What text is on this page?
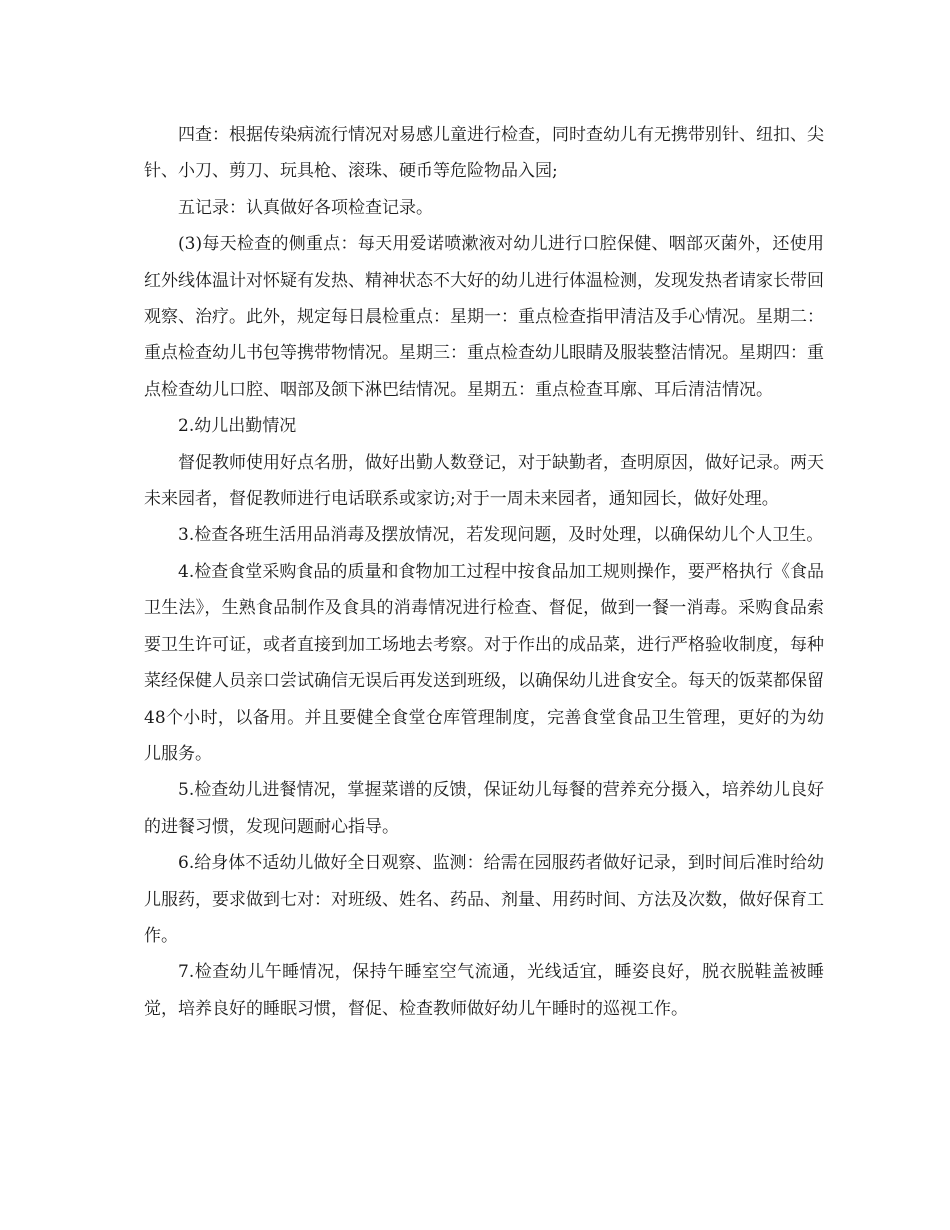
四查：根据传染病流行情况对易感儿童进行检查，同时查幼儿有无携带别针、纽扣、尖针、小刀、剪刀、玩具枪、滚珠、硬币等危险物品入园;

五记录：认真做好各项检查记录。

(3)每天检查的侧重点：每天用爱诺喷漱液对幼儿进行口腔保健、咽部灭菌外，还使用红外线体温计对怀疑有发热、精神状态不大好的幼儿进行体温检测，发现发热者请家长带回观察、治疗。此外，规定每日晨检重点：星期一：重点检查指甲清洁及手心情况。星期二：重点检查幼儿书包等携带物情况。星期三：重点检查幼儿眼睛及服装整洁情况。星期四：重点检查幼儿口腔、咽部及颌下淋巴结情况。星期五：重点检查耳廓、耳后清洁情况。

2.幼儿出勤情况

督促教师使用好点名册，做好出勤人数登记，对于缺勤者，查明原因，做好记录。两天未来园者，督促教师进行电话联系或家访;对于一周未来园者，通知园长，做好处理。

3.检查各班生活用品消毒及摆放情况，若发现问题，及时处理，以确保幼儿个人卫生。

4.检查食堂采购食品的质量和食物加工过程中按食品加工规则操作，要严格执行《食品卫生法》，生熟食品制作及食具的消毒情况进行检查、督促，做到一餐一消毒。采购食品索要卫生许可证，或者直接到加工场地去考察。对于作出的成品菜，进行严格验收制度，每种菜经保健人员亲口尝试确信无误后再发送到班级，以确保幼儿进食安全。每天的饭菜都保留48个小时，以备用。并且要健全食堂仓库管理制度，完善食堂食品卫生管理，更好的为幼儿服务。

5.检查幼儿进餐情况，掌握菜谱的反馈，保证幼儿每餐的营养充分摄入，培养幼儿良好的进餐习惯，发现问题耐心指导。

6.给身体不适幼儿做好全日观察、监测：给需在园服药者做好记录，到时间后准时给幼儿服药，要求做到七对：对班级、姓名、药品、剂量、用药时间、方法及次数，做好保育工作。

7.检查幼儿午睡情况，保持午睡室空气流通，光线适宜，睡姿良好，脱衣脱鞋盖被睡觉，培养良好的睡眠习惯，督促、检查教师做好幼儿午睡时的巡视工作。
